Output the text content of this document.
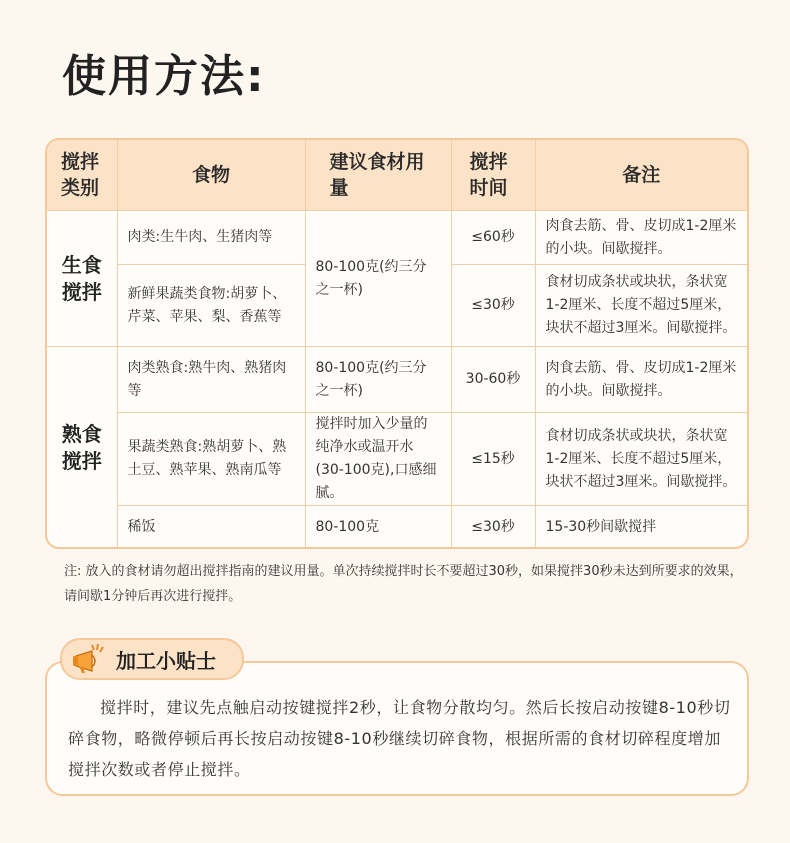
使用方法:
搅拌类别	食物	建议食材用量	搅拌时间	备注
生食搅拌	肉类:生牛肉、生猪肉等	80-100克(约三分之一杯)	≤60秒	肉食去筋、骨、皮切成1-2厘米的小块。间歇搅拌。
	新鲜果蔬类食物:胡萝卜、芹菜、苹果、梨、香蕉等		≤30秒	食材切成条状或块状，条状宽1-2厘米、长度不超过5厘米，块状不超过3厘米。间歇搅拌。
熟食搅拌	肉类熟食:熟牛肉、熟猪肉等	80-100克(约三分之一杯)	30-60秒	肉食去筋、骨、皮切成1-2厘米的小块。间歇搅拌。
	果蔬类熟食:熟胡萝卜、熟土豆、熟苹果、熟南瓜等	搅拌时加入少量的纯净水或温开水(30-100克),口感细腻。	≤15秒	食材切成条状或块状，条状宽1-2厘米、长度不超过5厘米，块状不超过3厘米。间歇搅拌。
	稀饭	80-100克	≤30秒	15-30秒间歇搅拌
注: 放入的食材请勿超出搅拌指南的建议用量。单次持续搅拌时长不要超过30秒，如果搅拌30秒未达到所要求的效果，请间歇1分钟后再次进行搅拌。
加工小贴士
搅拌时，建议先点触启动按键搅拌2秒，让食物分散均匀。然后长按启动按键8-10秒切碎食物，略微停顿后再长按启动按键8-10秒继续切碎食物，根据所需的食材切碎程度增加搅拌次数或者停止搅拌。
